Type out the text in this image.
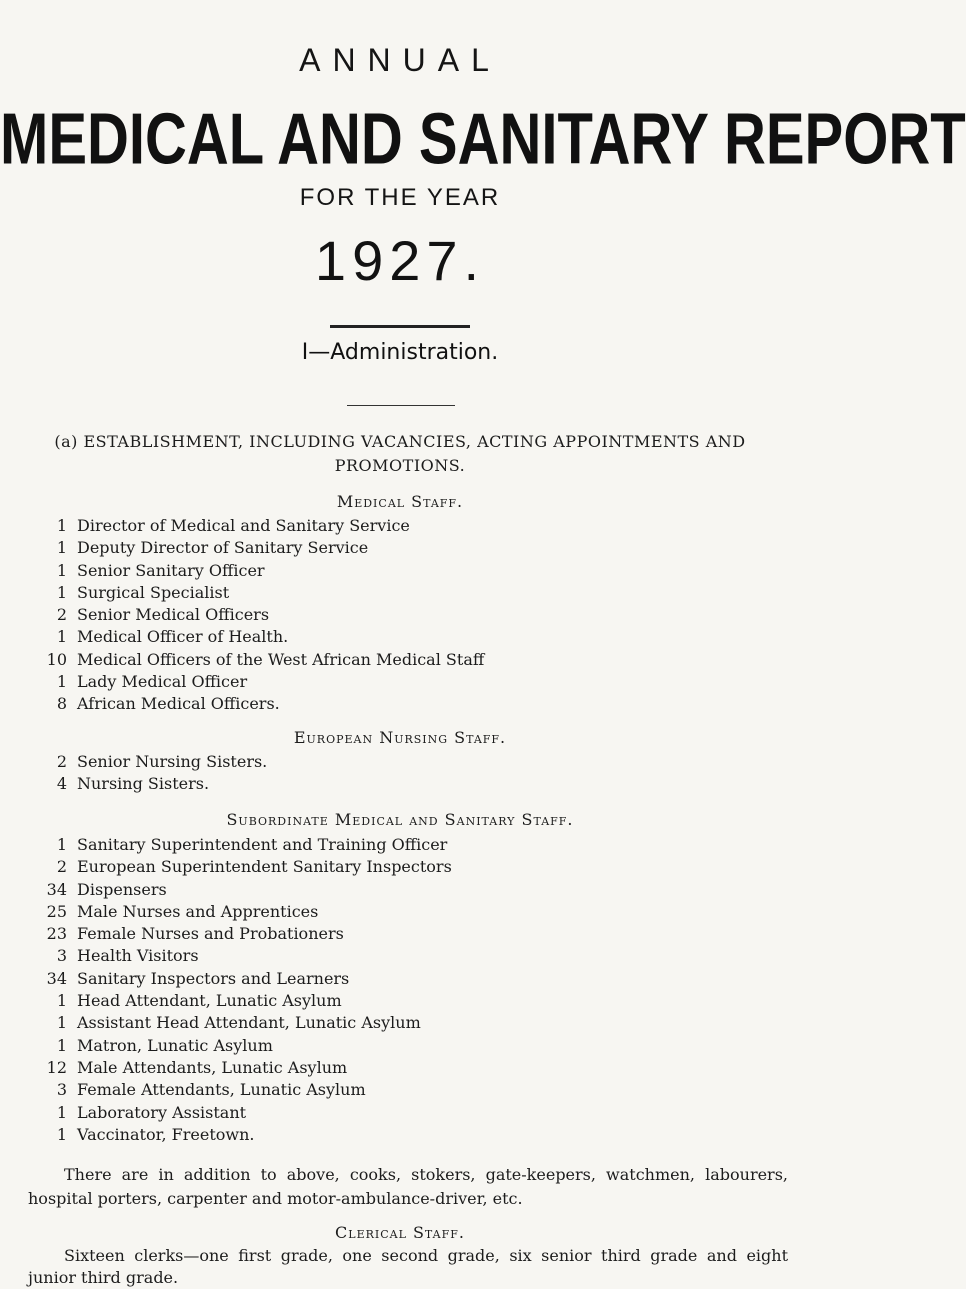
ANNUAL
MEDICAL AND SANITARY REPORT
FOR THE YEAR
1927.
I—Administration.
(a) ESTABLISHMENT, INCLUDING VACANCIES, ACTING APPOINTMENTS AND PROMOTIONS.
Medical Staff.
1 Director of Medical and Sanitary Service
1 Deputy Director of Sanitary Service
1 Senior Sanitary Officer
1 Surgical Specialist
2 Senior Medical Officers
1 Medical Officer of Health.
10 Medical Officers of the West African Medical Staff
1 Lady Medical Officer
8 African Medical Officers.
European Nursing Staff.
2 Senior Nursing Sisters.
4 Nursing Sisters.
Subordinate Medical and Sanitary Staff.
1 Sanitary Superintendent and Training Officer
2 European Superintendent Sanitary Inspectors
34 Dispensers
25 Male Nurses and Apprentices
23 Female Nurses and Probationers
3 Health Visitors
34 Sanitary Inspectors and Learners
1 Head Attendant, Lunatic Asylum
1 Assistant Head Attendant, Lunatic Asylum
1 Matron, Lunatic Asylum
12 Male Attendants, Lunatic Asylum
3 Female Attendants, Lunatic Asylum
1 Laboratory Assistant
1 Vaccinator, Freetown.
There are in addition to above, cooks, stokers, gate-keepers, watchmen, labourers, hospital porters, carpenter and motor-ambulance-driver, etc.
Clerical Staff.
Sixteen clerks—one first grade, one second grade, six senior third grade and eight junior third grade.
